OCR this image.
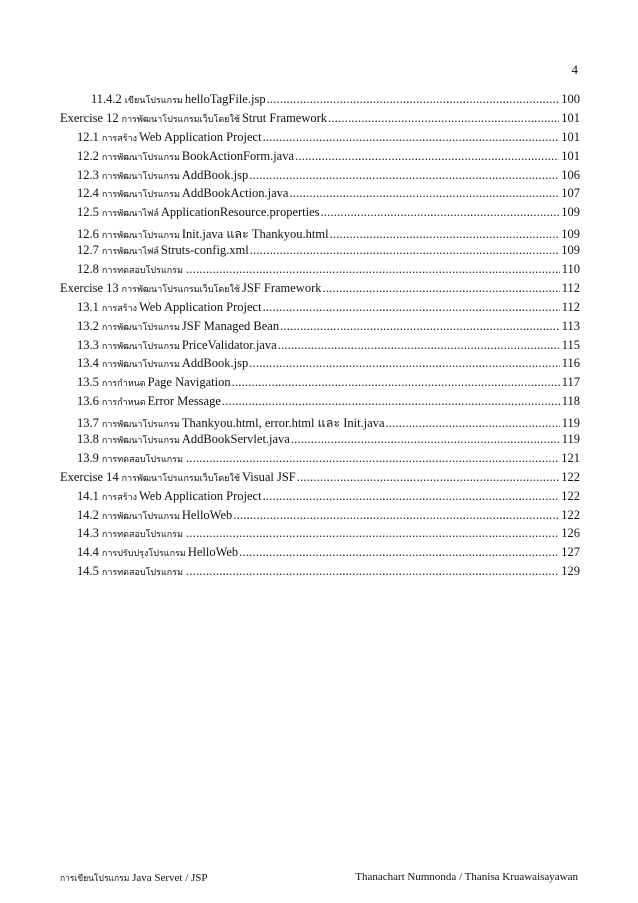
4
11.4.2 เขียนโปรแกรม helloTagFile.jsp .....	100
Exercise 12 การพัฒนาโปรแกรมเว็บโดยใช้ Strut Framework .....	101
12.1 การสร้าง Web Application Project .....	101
12.2 การพัฒนาโปรแกรม BookActionForm.java .....	101
12.3 การพัฒนาโปรแกรม AddBook.jsp .....	106
12.4 การพัฒนาโปรแกรม AddBookAction.java .....	107
12.5 การพัฒนาไฟล์ ApplicationResource.properties .....	109
12.6 การพัฒนาโปรแกรม Init.java และ Thankyou.html .....	109
12.7 การพัฒนาไฟล์ Struts-config.xml .....	109
12.8 การทดสอบโปรแกรม .....	110
Exercise 13 การพัฒนาโปรแกรมเว็บโดยใช้ JSF Framework .....	112
13.1 การสร้าง Web Application Project .....	112
13.2 การพัฒนาโปรแกรม JSF Managed Bean .....	113
13.3 การพัฒนาโปรแกรม PriceValidator.java .....	115
13.4 การพัฒนาโปรแกรม AddBook.jsp .....	116
13.5 การกำหนด Page Navigation .....	117
13.6 การกำหนด Error Message .....	118
13.7 การพัฒนาโปรแกรม Thankyou.html, error.html และ Init.java .....	119
13.8 การพัฒนาโปรแกรม AddBookServlet.java .....	119
13.9 การทดสอบโปรแกรม .....	121
Exercise 14 การพัฒนาโปรแกรมเว็บโดยใช้ Visual JSF .....	122
14.1 การสร้าง Web Application Project .....	122
14.2 การพัฒนาโปรแกรม HelloWeb .....	122
14.3 การทดสอบโปรแกรม .....	126
14.4 การปรับปรุงโปรแกรม HelloWeb .....	127
14.5 การทดสอบโปรแกรม .....	129
การเขียนโปรแกรม Java Servet / JSP	Thanachart Numnonda / Thanisa Kruawaisayawan
